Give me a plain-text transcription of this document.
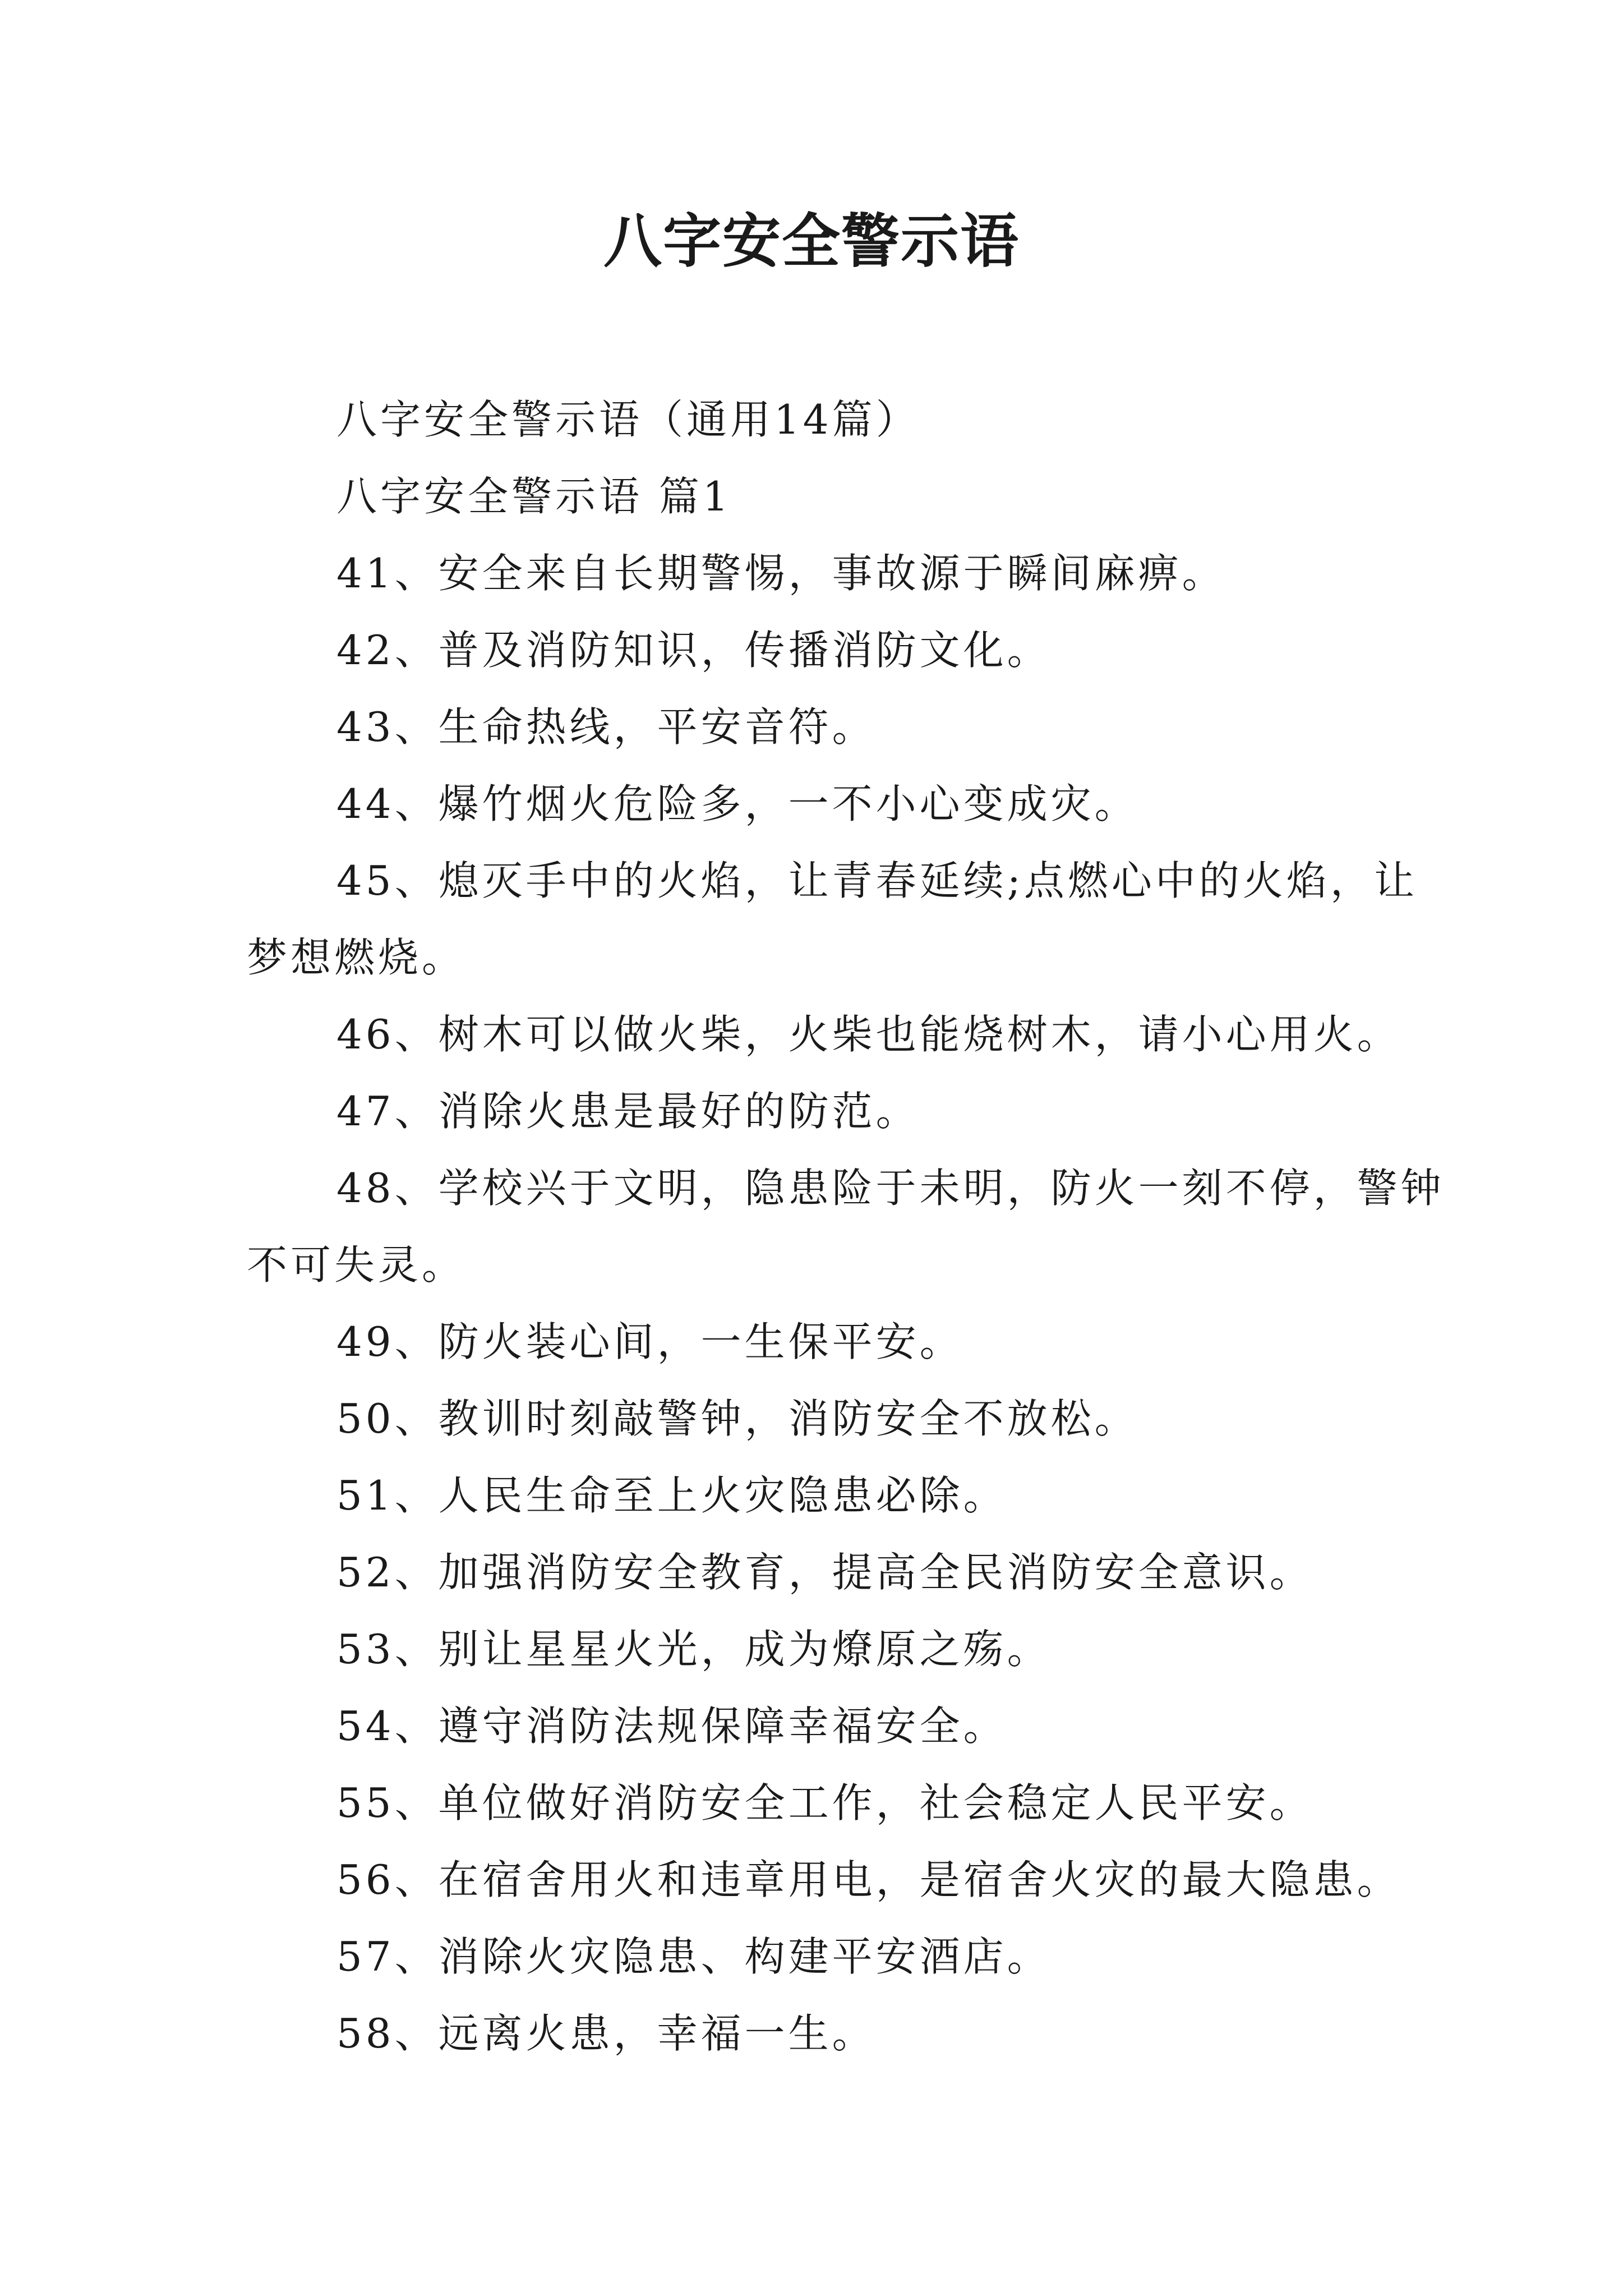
八字安全警示语

八字安全警示语（通用14篇）

八字安全警示语 篇1

41、安全来自长期警惕，事故源于瞬间麻痹。

42、普及消防知识，传播消防文化。

43、生命热线，平安音符。

44、爆竹烟火危险多，一不小心变成灾。

45、熄灭手中的火焰，让青春延续;点燃心中的火焰，让梦想燃烧。

46、树木可以做火柴，火柴也能烧树木，请小心用火。

47、消除火患是最好的防范。

48、学校兴于文明，隐患险于未明，防火一刻不停，警钟不可失灵。

49、防火装心间，一生保平安。

50、教训时刻敲警钟，消防安全不放松。

51、人民生命至上火灾隐患必除。

52、加强消防安全教育，提高全民消防安全意识。

53、别让星星火光，成为燎原之殇。

54、遵守消防法规保障幸福安全。

55、单位做好消防安全工作，社会稳定人民平安。

56、在宿舍用火和违章用电，是宿舍火灾的最大隐患。

57、消除火灾隐患、构建平安酒店。

58、远离火患，幸福一生。
